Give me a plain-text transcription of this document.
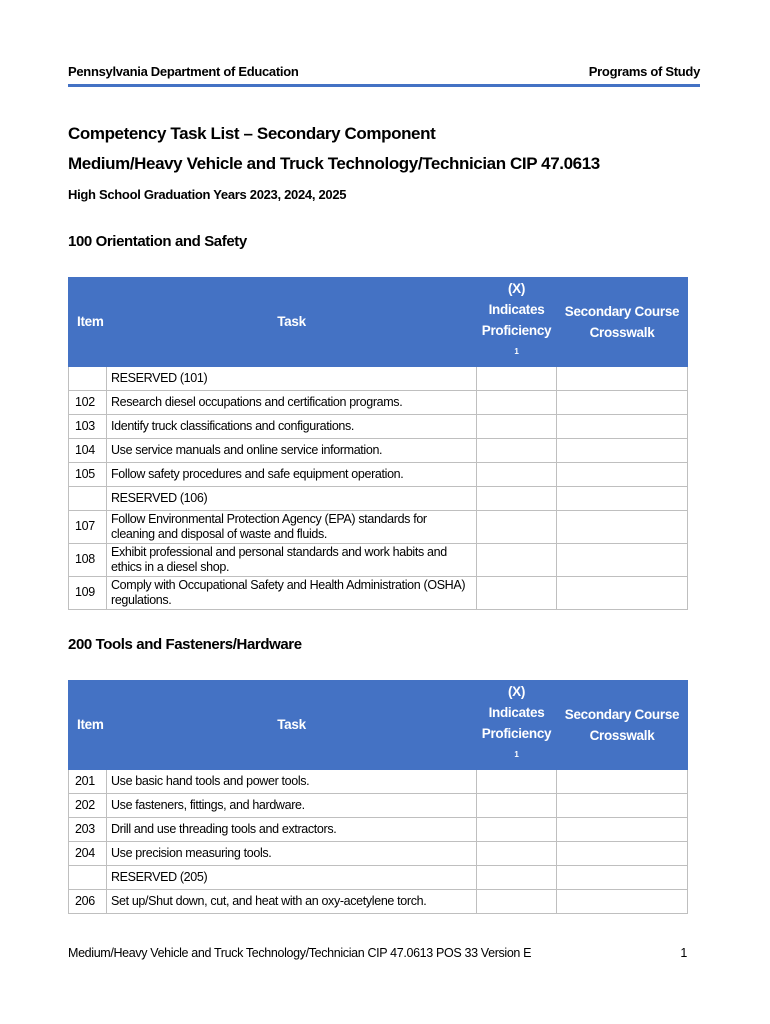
Pennsylvania Department of Education	Programs of Study
Competency Task List – Secondary Component
Medium/Heavy Vehicle and Truck Technology/Technician CIP 47.0613
High School Graduation Years 2023, 2024, 2025
100 Orientation and Safety
Item	Task	(X) Indicates Proficiency $^1$	Secondary Course Crosswalk
	RESERVED (101)		
102	Research diesel occupations and certification programs.		
103	Identify truck classifications and configurations.		
104	Use service manuals and online service information.		
105	Follow safety procedures and safe equipment operation.		
	RESERVED (106)		
107	Follow Environmental Protection Agency (EPA) standards for cleaning and disposal of waste and fluids.		
108	Exhibit professional and personal standards and work habits and ethics in a diesel shop.		
109	Comply with Occupational Safety and Health Administration (OSHA) regulations.		
200 Tools and Fasteners/Hardware
Item	Task	(X) Indicates Proficiency $^1$	Secondary Course Crosswalk
201	Use basic hand tools and power tools.		
202	Use fasteners, fittings, and hardware.		
203	Drill and use threading tools and extractors.		
204	Use precision measuring tools.		
	RESERVED (205)		
206	Set up/Shut down, cut, and heat with an oxy-acetylene torch.		
Medium/Heavy Vehicle and Truck Technology/Technician CIP 47.0613 POS 33 Version E	1
